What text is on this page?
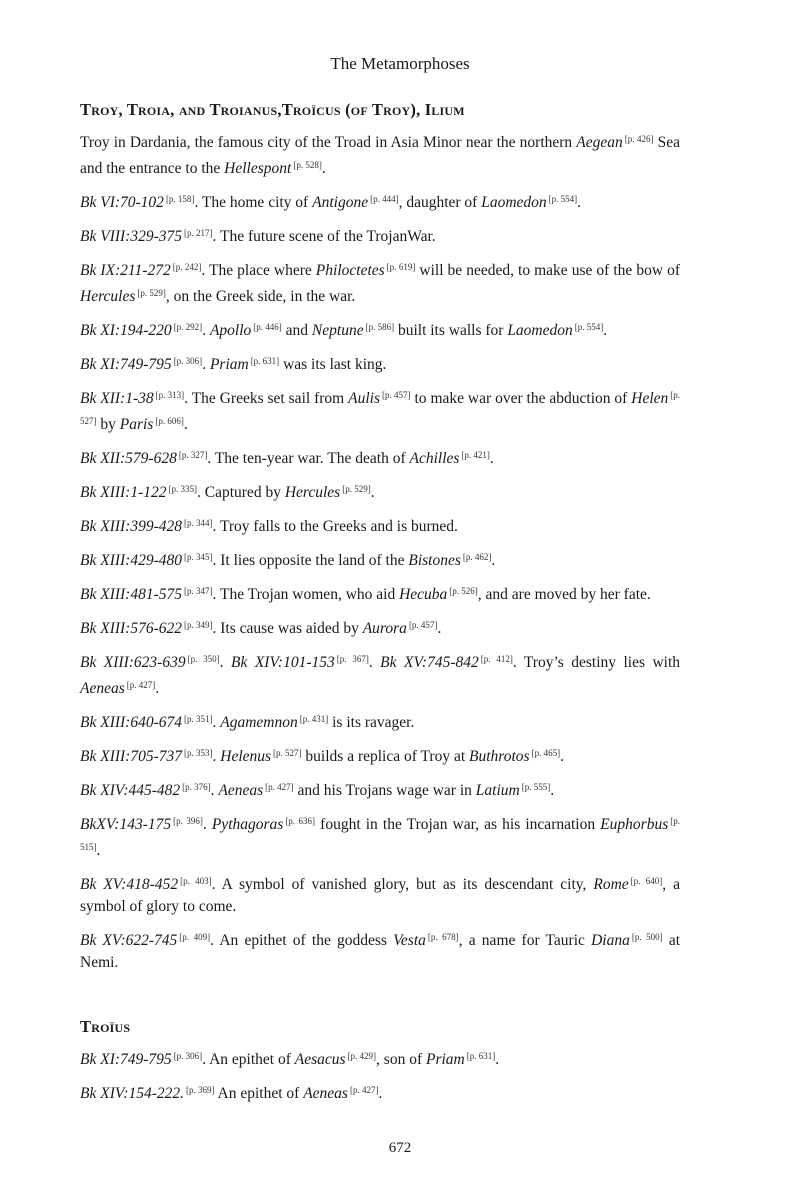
The Metamorphoses
Troy, Troia, and Troianus,Troïcus (of Troy), Ilium

Troy in Dardania, the famous city of the Troad in Asia Minor near the northern Aegean [p. 426] Sea and the entrance to the Hellespont [p. 528].

Bk VI:70-102 [p. 158]. The home city of Antigone [p. 444], daughter of Laomedon [p. 554].

Bk VIII:329-375 [p. 217]. The future scene of the TrojanWar.

Bk IX:211-272 [p. 242]. The place where Philoctetes [p. 619] will be needed, to make use of the bow of Hercules [p. 529], on the Greek side, in the war.

Bk XI:194-220 [p. 292]. Apollo [p. 446] and Neptune [p. 586] built its walls for Laomedon [p. 554].

Bk XI:749-795 [p. 306]. Priam [p. 631] was its last king.

Bk XII:1-38 [p. 313]. The Greeks set sail from Aulis [p. 457] to make war over the abduction of Helen [p. 527] by Paris [p. 606].

Bk XII:579-628 [p. 327]. The ten-year war. The death of Achilles [p. 421].

Bk XIII:1-122 [p. 335]. Captured by Hercules [p. 529].

Bk XIII:399-428 [p. 344]. Troy falls to the Greeks and is burned.

Bk XIII:429-480 [p. 345]. It lies opposite the land of the Bistones [p. 462].

Bk XIII:481-575 [p. 347]. The Trojan women, who aid Hecuba [p. 526], and are moved by her fate.

Bk XIII:576-622 [p. 349]. Its cause was aided by Aurora [p. 457].

Bk XIII:623-639 [p. 350]. Bk XIV:101-153 [p. 367]. Bk XV:745-842 [p. 412]. Troy’s destiny lies with Aeneas [p. 427].

Bk XIII:640-674 [p. 351]. Agamemnon [p. 431] is its ravager.

Bk XIII:705-737 [p. 353]. Helenus [p. 527] builds a replica of Troy at Buthrotos [p. 465].

Bk XIV:445-482 [p. 376]. Aeneas [p. 427] and his Trojans wage war in Latium [p. 555].

BkXV:143-175 [p. 396]. Pythagoras [p. 636] fought in the Trojan war, as his incarnation Euphorbus [p. 515].

Bk XV:418-452 [p. 403]. A symbol of vanished glory, but as its descendant city, Rome [p. 640], a symbol of glory to come.

Bk XV:622-745 [p. 409]. An epithet of the goddess Vesta [p. 678], a name for Tauric Diana [p. 500] at Nemi.

Troïus

Bk XI:749-795 [p. 306]. An epithet of Aesacus [p. 429], son of Priam [p. 631].

Bk XIV:154-222. [p. 369] An epithet of Aeneas [p. 427].

672
